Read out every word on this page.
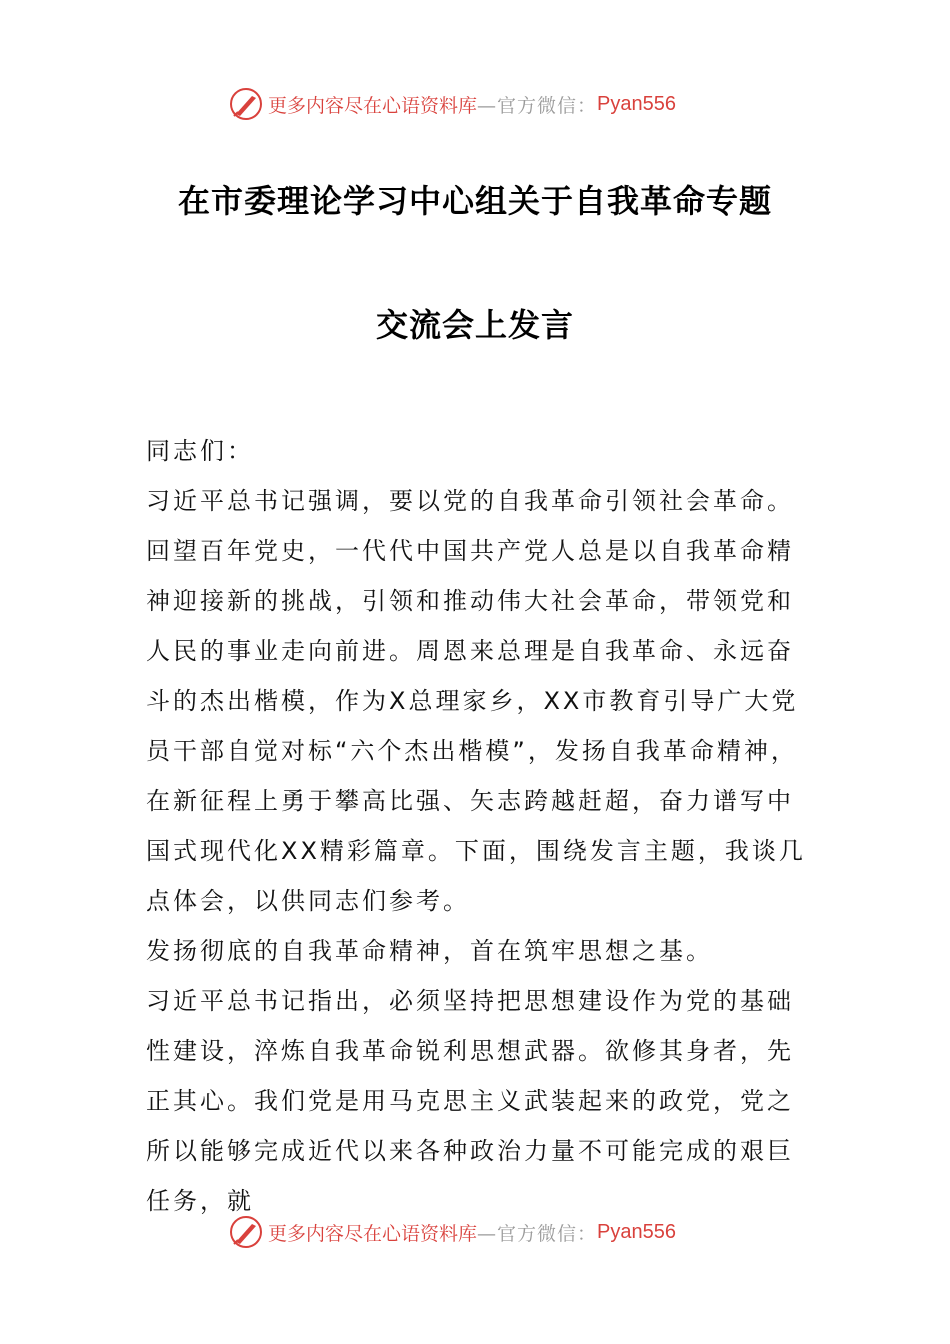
更多内容尽在心语资料库 —官方微信： Pyan556
在市委理论学习中心组关于自我革命专题
交流会上发言

同志们：

习近平总书记强调，要以党的自我革命引领社会革命。回望百年党史，一代代中国共产党人总是以自我革命精神迎接新的挑战，引领和推动伟大社会革命，带领党和人民的事业走向前进。周恩来总理是自我革命、永远奋斗的杰出楷模，作为X总理家乡，XX市教育引导广大党员干部自觉对标“六个杰出楷模”，发扬自我革命精神，在新征程上勇于攀高比强、矢志跨越赶超，奋力谱写中国式现代化XX精彩篇章。下面，围绕发言主题，我谈几点体会，以供同志们参考。

发扬彻底的自我革命精神，首在筑牢思想之基。

习近平总书记指出，必须坚持把思想建设作为党的基础性建设，淬炼自我革命锐利思想武器。欲修其身者，先正其心。我们党是用马克思主义武装起来的政党，党之所以能够完成近代以来各种政治力量不可能完成的艰巨任务，就

更多内容尽在心语资料库 —官方微信： Pyan556
